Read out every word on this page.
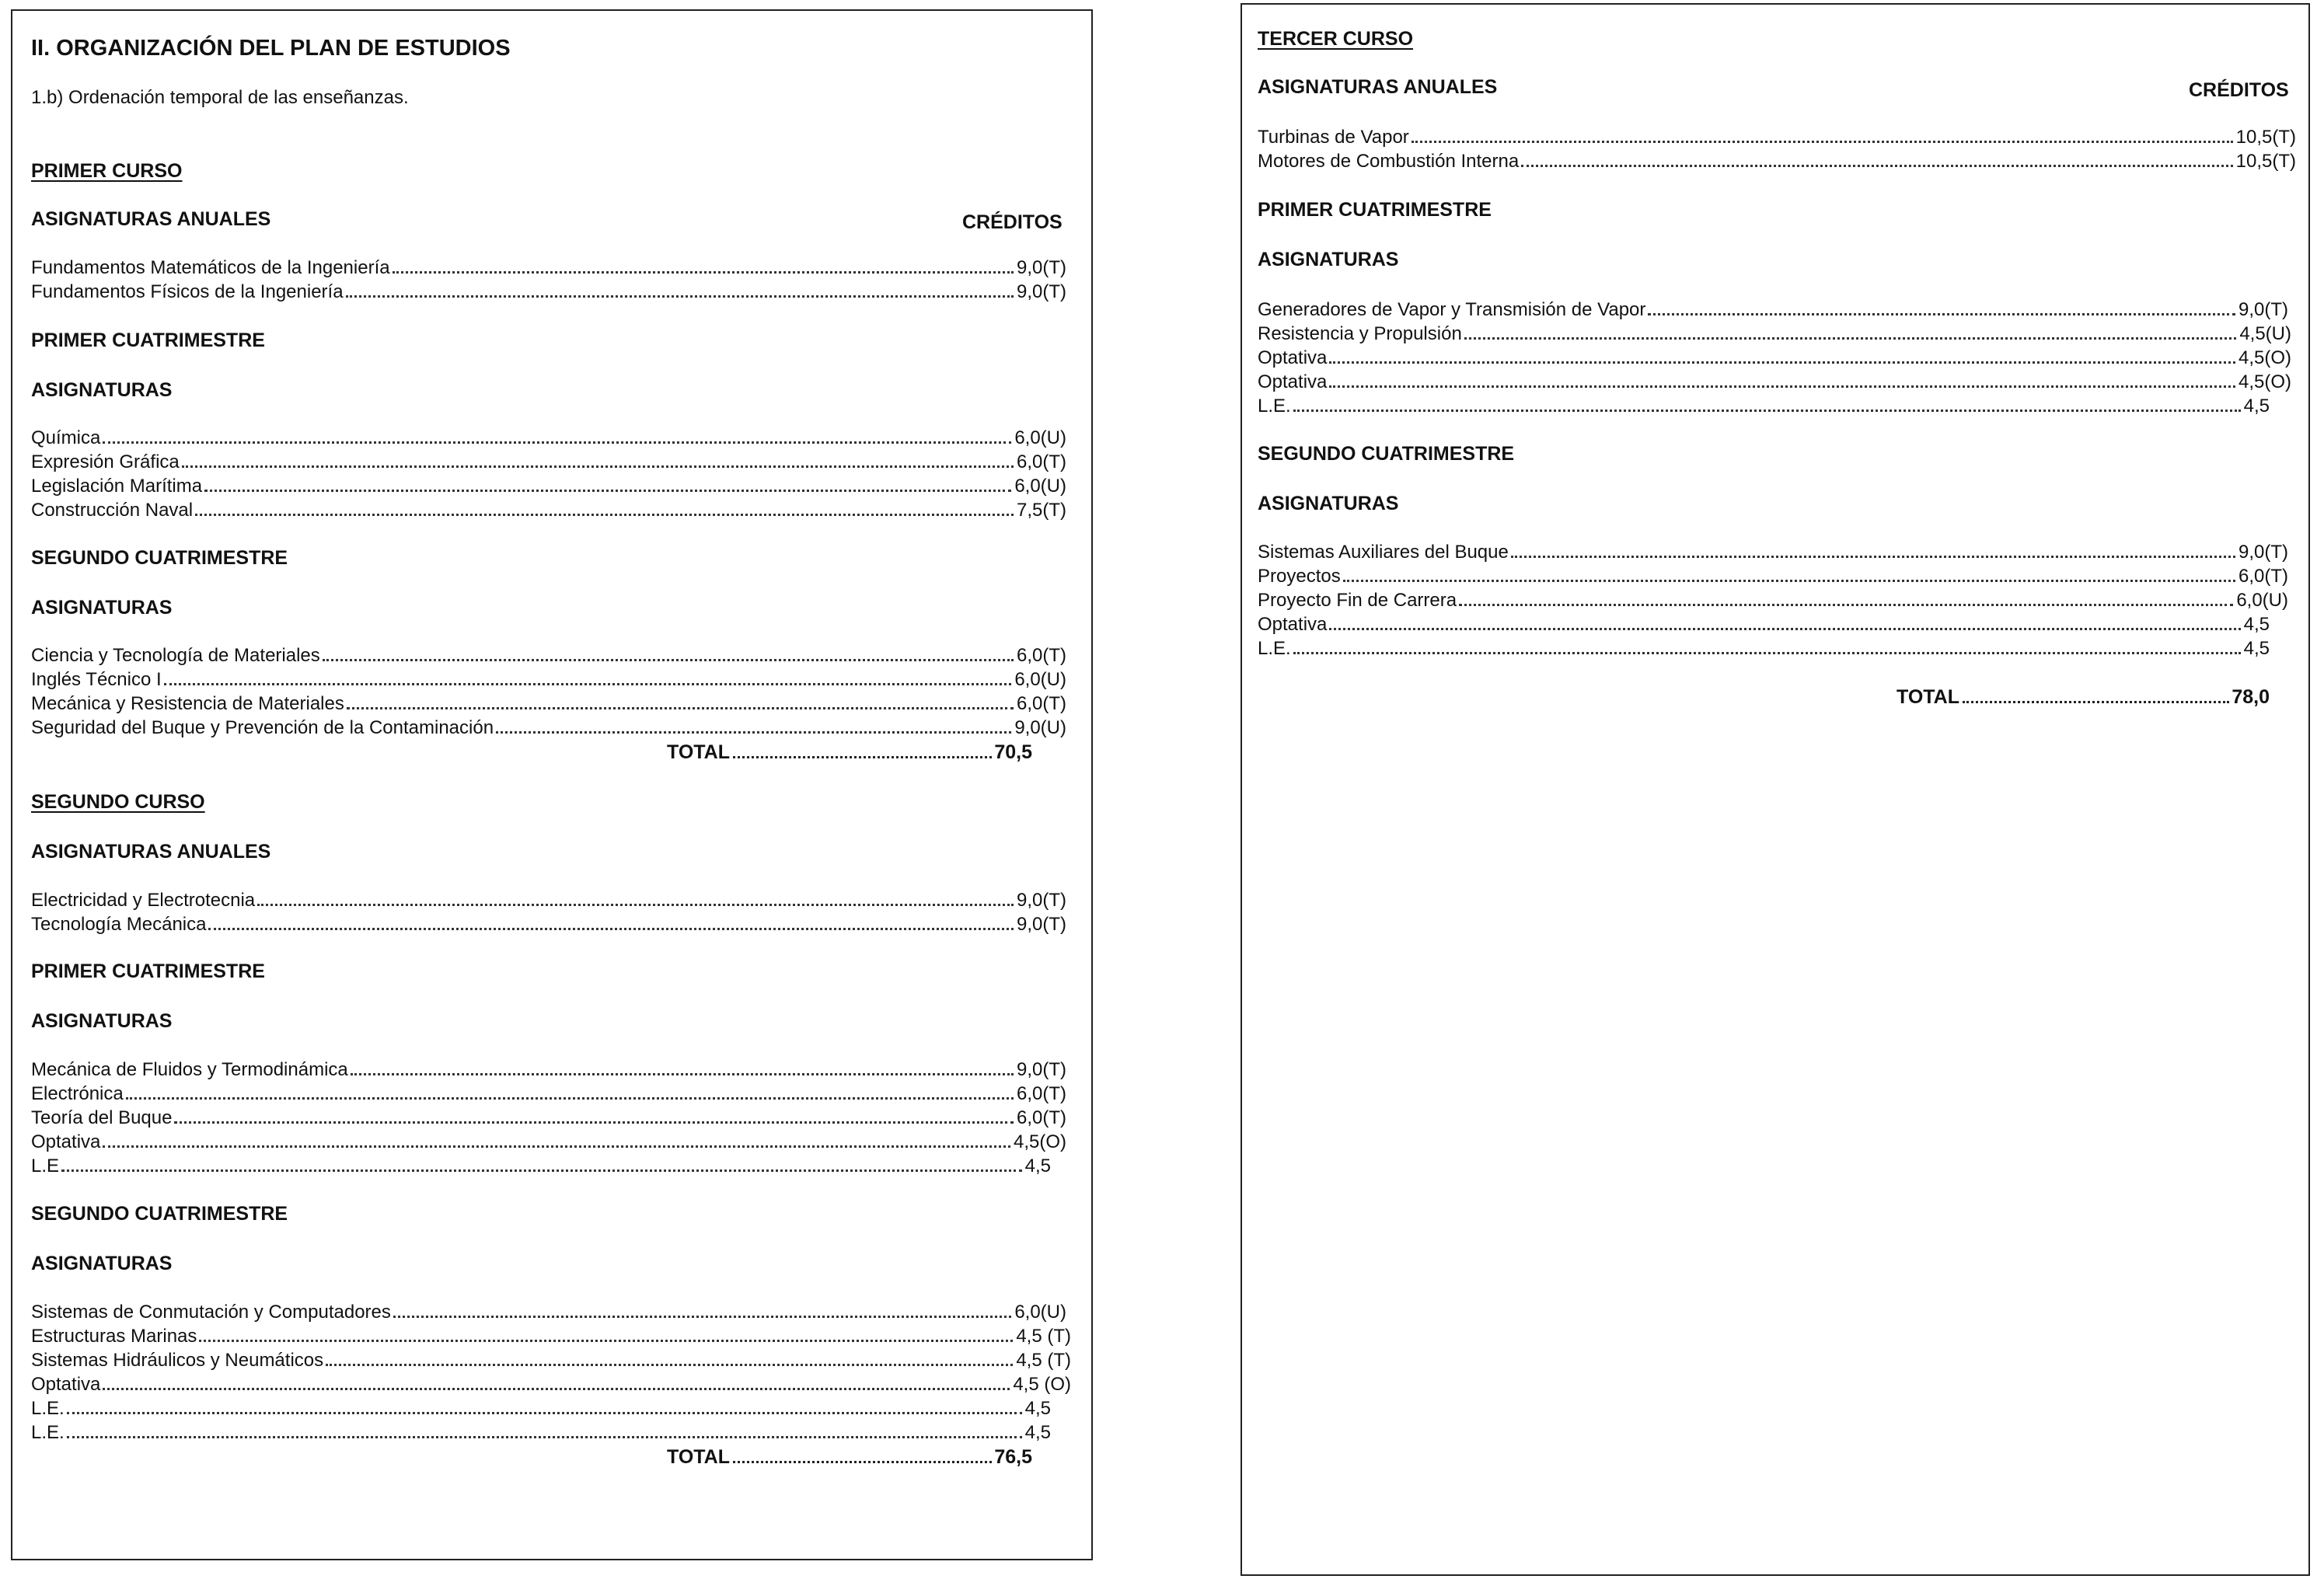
II. ORGANIZACIÓN DEL PLAN DE ESTUDIOS
1.b) Ordenación temporal de las enseñanzas.
PRIMER CURSO
ASIGNATURAS ANUALES	CRÉDITOS
Fundamentos Matemáticos de la Ingeniería	9,0(T)
Fundamentos Físicos de la Ingeniería	9,0(T)
PRIMER CUATRIMESTRE
ASIGNATURAS
Química	6,0(U)
Expresión Gráfica	6,0(T)
Legislación Marítima	6,0(U)
Construcción Naval	7,5(T)
SEGUNDO CUATRIMESTRE
ASIGNATURAS
Ciencia y Tecnología de Materiales	6,0(T)
Inglés Técnico I	6,0(U)
Mecánica y Resistencia de Materiales	6,0(T)
Seguridad del Buque y Prevención de la Contaminación	9,0(U)
TOTAL	70,5
SEGUNDO CURSO
ASIGNATURAS ANUALES
Electricidad y Electrotecnia	9,0(T)
Tecnología Mecánica	9,0(T)
PRIMER CUATRIMESTRE
ASIGNATURAS
Mecánica de Fluidos y Termodinámica	9,0(T)
Electrónica	6,0(T)
Teoría del Buque	6,0(T)
Optativa	4,5(O)
L.E	4,5
SEGUNDO CUATRIMESTRE
ASIGNATURAS
Sistemas de Conmutación y Computadores	6,0(U)
Estructuras Marinas	4,5 (T)
Sistemas Hidráulicos y Neumáticos	4,5 (T)
Optativa	4,5 (O)
L.E.	4,5
L.E.	4,5
TOTAL	76,5
TERCER CURSO
ASIGNATURAS ANUALES	CRÉDITOS
Turbinas de Vapor	10,5(T)
Motores de Combustión Interna	10,5(T)
PRIMER CUATRIMESTRE
ASIGNATURAS
Generadores de Vapor y Transmisión de Vapor	9,0(T)
Resistencia y Propulsión	4,5(U)
Optativa	4,5(O)
Optativa	4,5(O)
L.E.	4,5
SEGUNDO CUATRIMESTRE
ASIGNATURAS
Sistemas Auxiliares del Buque	9,0(T)
Proyectos	6,0(T)
Proyecto Fin de Carrera	6,0(U)
Optativa	4,5
L.E.	4,5
TOTAL	78,0
